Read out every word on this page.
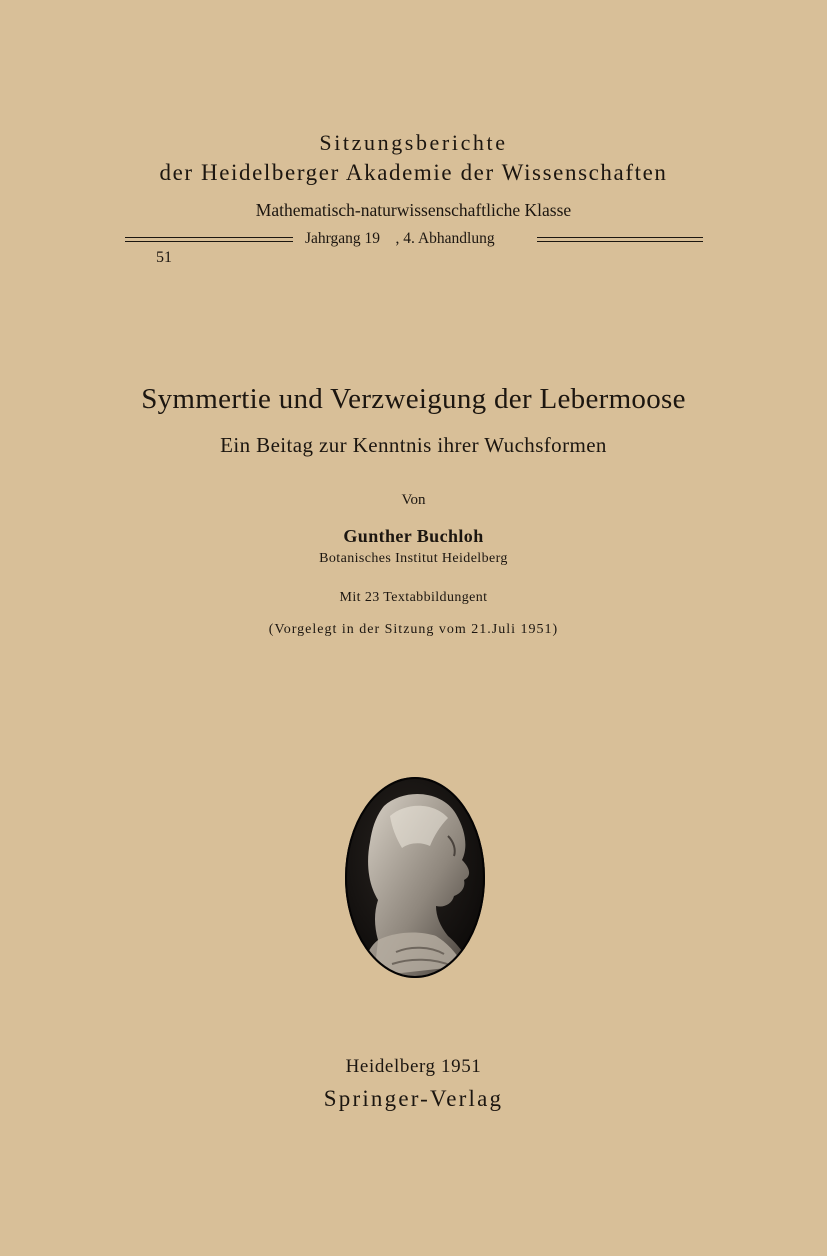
Sitzungsberichte
der Heidelberger Akademie der Wissenschaften
Mathematisch-naturwissenschaftliche Klasse
Jahrgang 19    , 4. Abhandlung
51
Symmertie und Verzweigung der Lebermoose
Ein Beitag zur Kenntnis ihrer Wuchsformen
Von
Gunther Buchloh
Botanisches Institut Heidelberg
Mit 23 Textabbildungent
(Vorgelegt in der Sitzung vom 21.Juli 1951)
Heidelberg 1951
Springer-Verlag
